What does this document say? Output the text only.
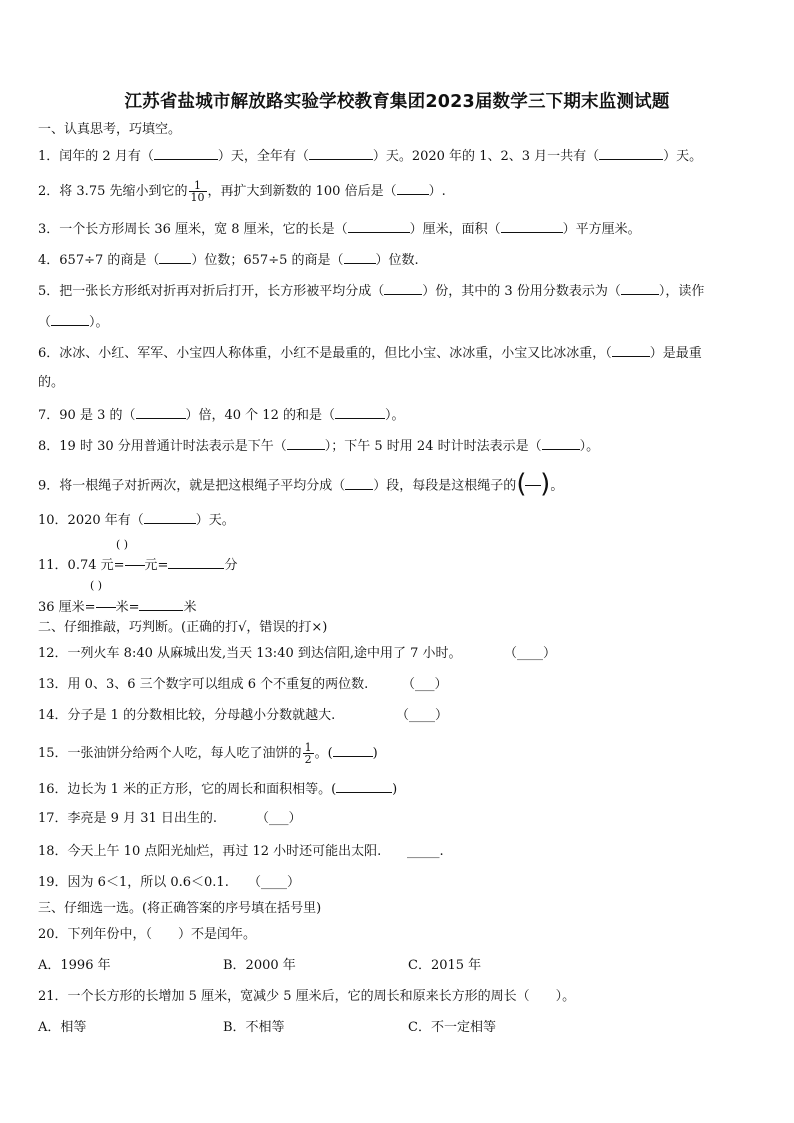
江苏省盐城市解放路实验学校教育集团2023届数学三下期末监测试题
一、认真思考，巧填空。
1．闰年的 2 月有（	）天，全年有（	）天。2020 年的 1、2、3 月一共有（	）天。
2．将 3.75 先缩小到它的 $\frac{1}{10}$ ，再扩大到新数的 100 倍后是（ ）.
3．一个长方形周长 36 厘米，宽 8 厘米，它的长是（	）厘米，面积（	）平方厘米。
4．657÷7 的商是（ ）位数；657÷5 的商是（ ）位数.
5．把一张长方形纸对折再对折后打开，长方形被平均分成（	）份，其中的 3 份用分数表示为（	），读作
（	）。
6．冰冰、小红、军军、小宝四人称体重，小红不是最重的，但比小宝、冰冰重，小宝又比冰冰重，（	）是最重
的。
7．90 是 3 的（	）倍，40 个 12 的和是（	）。
8．19 时 30 分用普通计时法表示是下午（	）；下午 5 时用 24 时计时法表示是（	）。
9．将一根绳子对折两次，就是把这根绳子平均分成（ ）段，每段是这根绳子的 ( ) 。
10．2020 年有（	）天。
( )
11．0.74 元= 元=	分
( )
36 厘米= 米=	米
二、仔细推敲，巧判断。(正确的打√，错误的打×)
12．一列火车 8:40 从麻城出发,当天 13:40 到达信阳,途中用了 7 小时。	（____）
13．用 0、3、6 三个数字可以组成 6 个不重复的两位数.	（___）
14．分子是 1 的分数相比较，分母越小分数就越大.	（____）
15．一张油饼分给两个人吃，每人吃了油饼的 $\frac{1}{2}$ 。(	)
16．边长为 1 米的正方形，它的周长和面积相等。(	)
17．李亮是 9 月 31 日出生的.	（___）
18．今天上午 10 点阳光灿烂，再过 12 小时还可能出太阳. _____.
19．因为 6＜1，所以 0.6＜0.1. （____）
三、仔细选一选。(将正确答案的序号填在括号里)
20．下列年份中，（　　）不是闰年。
A．1996 年	B．2000 年	C．2015 年
21．一个长方形的长增加 5 厘米，宽减少 5 厘米后，它的周长和原来长方形的周长（　　）。
A．相等	B．不相等	C．不一定相等
